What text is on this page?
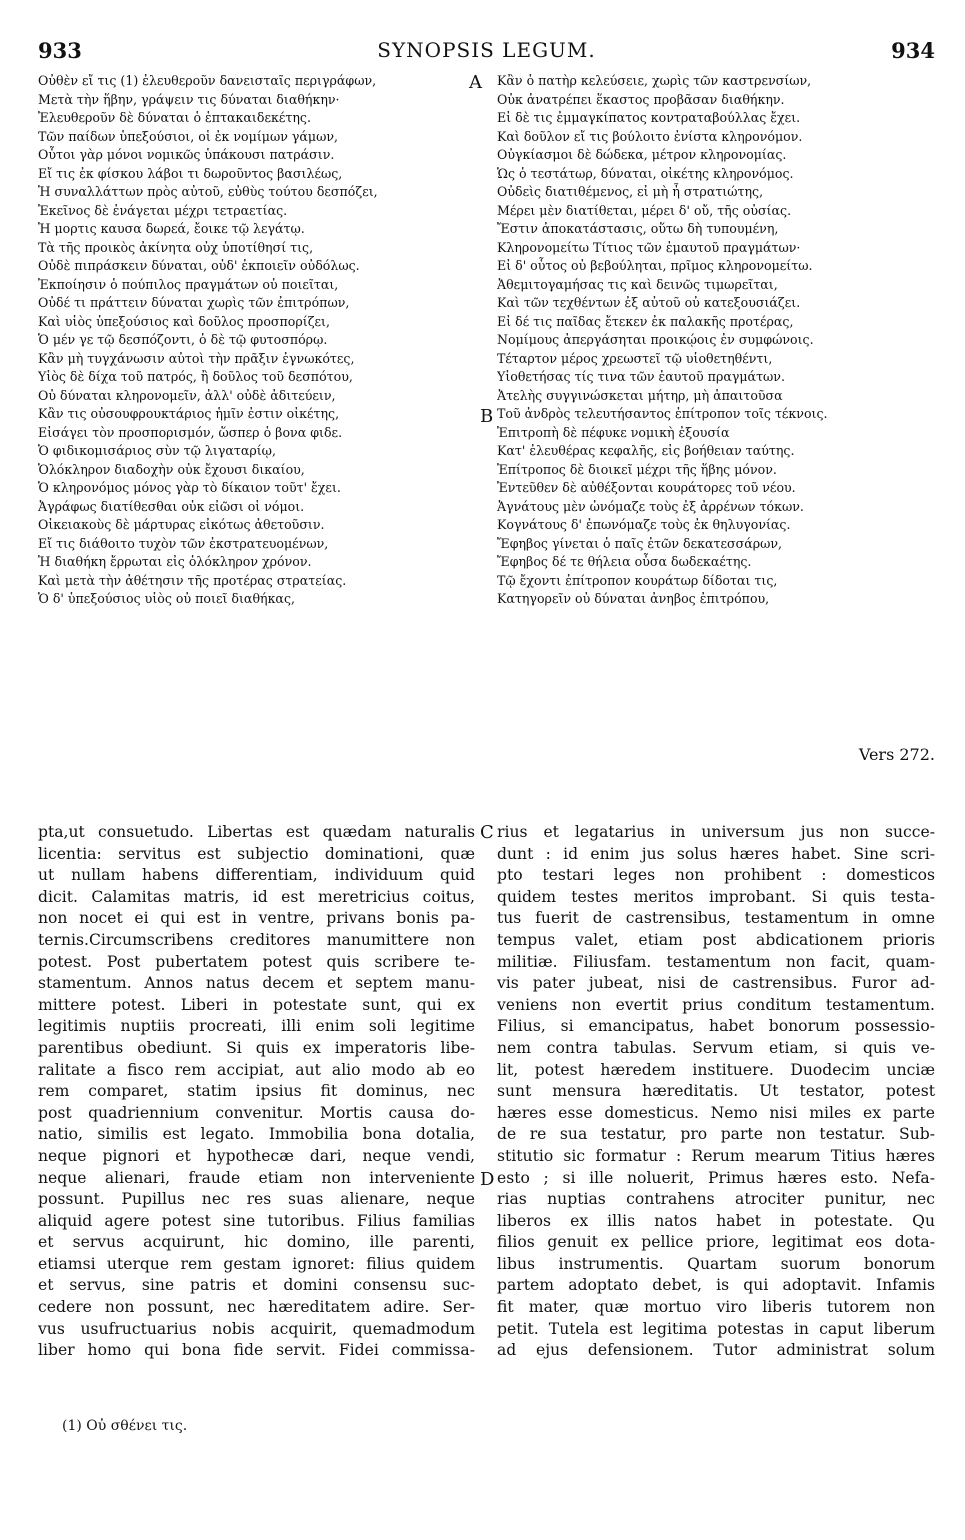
933	SYNOPSIS LEGUM.	934
A
B
C
D
Οὐθὲν εἴ τις (1) ἐλευθεροῦν δανεισταῖς περιγράφων,
Μετὰ τὴν ἥβην, γράψειν τις δύναται διαθήκην·
Ἐλευθεροῦν δὲ δύναται ὁ ἑπτακαιδεκέτης.
Τῶν παίδων ὑπεξούσιοι, οἱ ἐκ νομίμων γάμων,
Οὗτοι γὰρ μόνοι νομικῶς ὑπάκουσι πατράσιν.
Εἴ τις ἐκ φίσκου λάβοι τι δωροῦντος βασιλέως,
Ἡ συναλλάττων πρὸς αὐτοῦ, εὐθὺς τούτου δεσπόζει,
Ἐκεῖνος δὲ ἐνάγεται μέχρι τετραετίας.
Ἡ μορτις καυσα δωρεά, ἔοικε τῷ λεγάτῳ.
Τὰ τῆς προικὸς ἀκίνητα οὐχ ὑποτίθησί τις,
Οὐδὲ πιπράσκειν δύναται, οὐδ' ἐκποιεῖν οὐδόλως.
Ἐκποίησιν ὁ πούπιλος πραγμάτων οὐ ποιεῖται,
Οὐδέ τι πράττειν δύναται χωρὶς τῶν ἐπιτρόπων,
Καὶ υἱὸς ὑπεξούσιος καὶ δοῦλος προσπορίζει,
Ὁ μέν γε τῷ δεσπόζοντι, ὁ δὲ τῷ φυτοσπόρῳ.
Κἂν μὴ τυγχάνωσιν αὐτοὶ τὴν πρᾶξιν ἐγνωκότες,
Υἱὸς δὲ δίχα τοῦ πατρός, ἢ δοῦλος τοῦ δεσπότου,
Οὐ δύναται κληρονομεῖν, ἀλλ' οὐδὲ ἀδιτεύειν,
Κἂν τις οὐσουφρουκτάριος ἡμῖν ἐστιν οἰκέτης,
Εἰσάγει τὸν προσπορισμόν, ὥσπερ ὁ βονα φιδε.
Ὁ φιδικομισάριος σὺν τῷ λιγαταρίῳ,
Ὁλόκληρον διαδοχὴν οὐκ ἔχουσι δικαίου,
Ὁ κληρονόμος μόνος γὰρ τὸ δίκαιον τοῦτ' ἔχει.
Ἀγράφως διατίθεσθαι οὐκ εἰῶσι οἱ νόμοι.
Οἰκειακοὺς δὲ μάρτυρας εἰκότως ἀθετοῦσιν.
Εἴ τις διάθοιτο τυχὸν τῶν ἐκστρατευομένων,
Ἡ διαθήκη ἔρρωται εἰς ὁλόκληρον χρόνον.
Καὶ μετὰ τὴν ἀθέτησιν τῆς προτέρας στρατείας.
Ὁ δ' ὑπεξούσιος υἱὸς οὐ ποιεῖ διαθήκας,
Κἂν ὁ πατὴρ κελεύσειε, χωρὶς τῶν καστρενσίων,
Οὐκ ἀνατρέπει ἕκαστος προβᾶσαν διαθήκην.
Εἰ δὲ τις ἐμμαγκίπατος κοντραταβούλλας ἔχει.
Καὶ δοῦλον εἴ τις βούλοιτο ἐνίστα κληρονόμον.
Οὐγκίασμοι δὲ δώδεκα, μέτρον κληρονομίας.
Ὡς ὁ τεστάτωρ, δύναται, οἰκέτης κληρονόμος.
Οὐδεὶς διατιθέμενος, εἰ μὴ ἦ στρατιώτης,
Μέρει μὲν διατίθεται, μέρει δ' οὔ, τῆς οὐσίας.
Ἔστιν ἀποκατάστασις, οὕτω δὴ τυπουμένη,
Κληρονομείτω Τίτιος τῶν ἐμαυτοῦ πραγμάτων·
Εἰ δ' οὗτος οὐ βεβούληται, πρῖμος κληρονομείτω.
Ἀθεμιτογαμήσας τις καὶ δεινῶς τιμωρεῖται,
Καὶ τῶν τεχθέντων ἐξ αὐτοῦ οὐ κατεξουσιάζει.
Εἰ δέ τις παῖδας ἔτεκεν ἐκ παλακῆς προτέρας,
Νομίμους ἀπεργάσηται προικῴοις ἐν συμφώνοις.
Τέταρτον μέρος χρεωστεῖ τῷ υἱοθετηθέντι,
Υἱοθετήσας τίς τινα τῶν ἑαυτοῦ πραγμάτων.
Ἀτελὴς συγγινώσκεται μήτηρ, μὴ ἀπαιτοῦσα
Τοῦ ἀνδρὸς τελευτήσαντος ἐπίτροπον τοῖς τέκνοις.
Ἐπιτροπὴ δὲ πέφυκε νομικὴ ἐξουσία
Κατ' ἐλευθέρας κεφαλῆς, εἰς βοήθειαν ταύτης.
Ἐπίτροπος δὲ διοικεῖ μέχρι τῆς ἥβης μόνον.
Ἐντεῦθεν δὲ αὐθέξονται κουράτορες τοῦ νέου.
Ἀγνάτους μὲν ὠνόμαζε τοὺς ἐξ ἀρρένων τόκων.
Κογνάτους δ' ἐπωνόμαζε τοὺς ἐκ θηλυγονίας.
Ἔφηβος γίνεται ὁ παῖς ἐτῶν δεκατεσσάρων,
Ἔφηβος δέ τε θήλεια οὖσα δωδεκαέτης.
Τῷ ἔχοντι ἐπίτροπον κουράτωρ δίδοται τις,
Κατηγορεῖν οὐ δύναται ἀνηβος ἐπιτρόπου,
Vers 272.
pta,ut consuetudo. Libertas est quædam naturalis
licentia: servitus est subjectio dominationi, quæ
ut nullam habens differentiam, individuum quid
dicit. Calamitas matris, id est meretricius coitus,
non nocet ei qui est in ventre, privans bonis pa-
ternis.Circumscribens creditores manumittere non
potest. Post pubertatem potest quis scribere te-
stamentum. Annos natus decem et septem manu-
mittere potest. Liberi in potestate sunt, qui ex
legitimis nuptiis procreati, illi enim soli legitime
parentibus obediunt. Si quis ex imperatoris libe-
ralitate a fisco rem accipiat, aut alio modo ab eo
rem comparet, statim ipsius fit dominus, nec
post quadriennium convenitur. Mortis causa do-
natio, similis est legato. Immobilia bona dotalia,
neque pignori et hypothecæ dari, neque vendi,
neque alienari, fraude etiam non interveniente
possunt. Pupillus nec res suas alienare, neque
aliquid agere potest sine tutoribus. Filius familias
et servus acquirunt, hic domino, ille parenti,
etiamsi uterque rem gestam ignoret: filius quidem
et servus, sine patris et domini consensu suc-
cedere non possunt, nec hæreditatem adire. Ser-
vus usufructuarius nobis acquirit, quemadmodum
liber homo qui bona fide servit. Fidei commissa-
rius et legatarius in universum jus non succe-
dunt : id enim jus solus hæres habet. Sine scri-
pto testari leges non prohibent : domesticos
quidem testes meritos improbant. Si quis testa-
tus fuerit de castrensibus, testamentum in omne
tempus valet, etiam post abdicationem prioris
militiæ. Filiusfam. testamentum non facit, quam-
vis pater jubeat, nisi de castrensibus. Furor ad-
veniens non evertit prius conditum testamentum.
Filius, si emancipatus, habet bonorum possessio-
nem contra tabulas. Servum etiam, si quis ve-
lit, potest hæredem instituere. Duodecim unciæ
sunt mensura hæreditatis. Ut testator, potest
hæres esse domesticus. Nemo nisi miles ex parte
de re sua testatur, pro parte non testatur. Sub-
stitutio sic formatur : Rerum mearum Titius hæres
esto ; si ille noluerit, Primus hæres esto. Nefa-
rias nuptias contrahens atrociter punitur, nec
liberos ex illis natos habet in potestate. Qu
filios genuit ex pellice priore, legitimat eos dota-
libus instrumentis. Quartam suorum bonorum
partem adoptato debet, is qui adoptavit. Infamis
fit mater, quæ mortuo viro liberis tutorem non
petit. Tutela est legitima potestas in caput liberum
ad ejus defensionem. Tutor administrat solum
(1) Οὐ σθένει τις.
